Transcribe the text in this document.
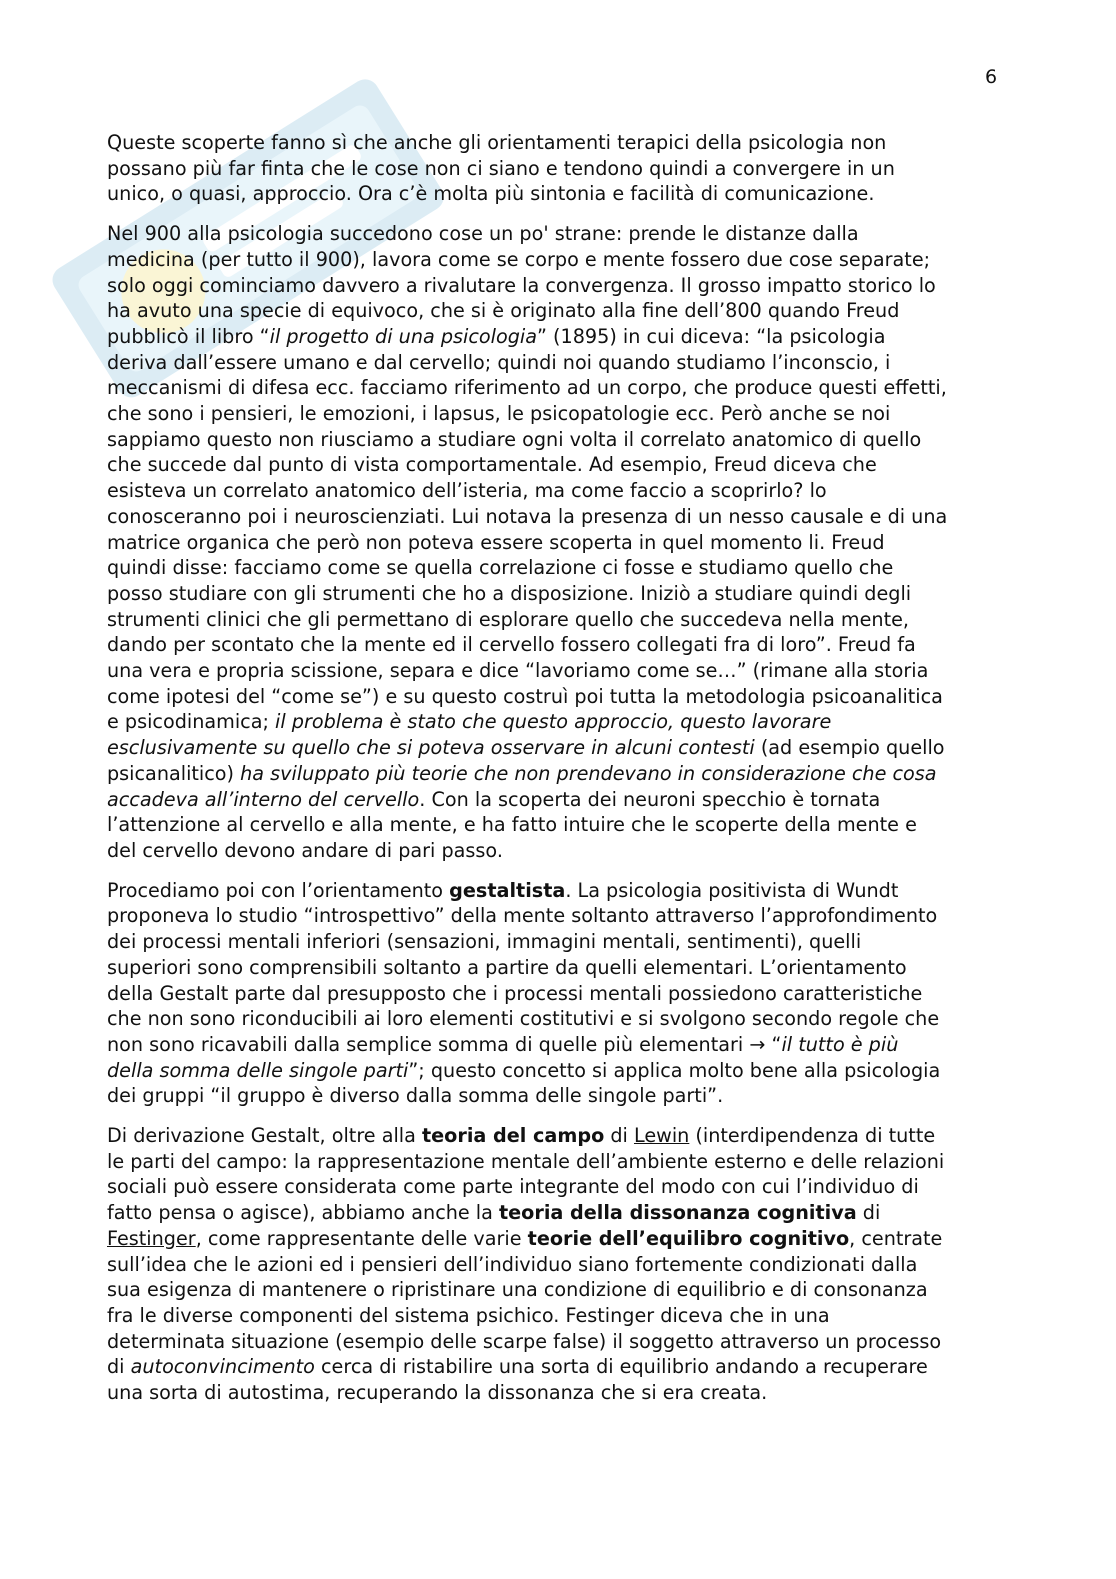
6

Queste scoperte fanno sì che anche gli orientamenti terapici della psicologia non
possano più far finta che le cose non ci siano e tendono quindi a convergere in un
unico, o quasi, approccio. Ora c’è molta più sintonia e facilità di comunicazione.

Nel 900 alla psicologia succedono cose un po' strane: prende le distanze dalla
medicina (per tutto il 900), lavora come se corpo e mente fossero due cose separate;
solo oggi cominciamo davvero a rivalutare la convergenza. Il grosso impatto storico lo
ha avuto una specie di equivoco, che si è originato alla fine dell’800 quando Freud
pubblicò il libro “il progetto di una psicologia” (1895) in cui diceva: “la psicologia
deriva dall’essere umano e dal cervello; quindi noi quando studiamo l’inconscio, i
meccanismi di difesa ecc. facciamo riferimento ad un corpo, che produce questi effetti,
che sono i pensieri, le emozioni, i lapsus, le psicopatologie ecc. Però anche se noi
sappiamo questo non riusciamo a studiare ogni volta il correlato anatomico di quello
che succede dal punto di vista comportamentale. Ad esempio, Freud diceva che
esisteva un correlato anatomico dell’isteria, ma come faccio a scoprirlo? lo
conosceranno poi i neuroscienziati. Lui notava la presenza di un nesso causale e di una
matrice organica che però non poteva essere scoperta in quel momento li. Freud
quindi disse: facciamo come se quella correlazione ci fosse e studiamo quello che
posso studiare con gli strumenti che ho a disposizione. Iniziò a studiare quindi degli
strumenti clinici che gli permettano di esplorare quello che succedeva nella mente,
dando per scontato che la mente ed il cervello fossero collegati fra di loro”. Freud fa
una vera e propria scissione, separa e dice “lavoriamo come se…” (rimane alla storia
come ipotesi del “come se”) e su questo costruì poi tutta la metodologia psicoanalitica
e psicodinamica; il problema è stato che questo approccio, questo lavorare
esclusivamente su quello che si poteva osservare in alcuni contesti (ad esempio quello
psicanalitico) ha sviluppato più teorie che non prendevano in considerazione che cosa
accadeva all’interno del cervello. Con la scoperta dei neuroni specchio è tornata
l’attenzione al cervello e alla mente, e ha fatto intuire che le scoperte della mente e
del cervello devono andare di pari passo.

Procediamo poi con l’orientamento gestaltista. La psicologia positivista di Wundt
proponeva lo studio “introspettivo” della mente soltanto attraverso l’approfondimento
dei processi mentali inferiori (sensazioni, immagini mentali, sentimenti), quelli
superiori sono comprensibili soltanto a partire da quelli elementari. L’orientamento
della Gestalt parte dal presupposto che i processi mentali possiedono caratteristiche
che non sono riconducibili ai loro elementi costitutivi e si svolgono secondo regole che
non sono ricavabili dalla semplice somma di quelle più elementari → “il tutto è più
della somma delle singole parti”; questo concetto si applica molto bene alla psicologia
dei gruppi “il gruppo è diverso dalla somma delle singole parti”.

Di derivazione Gestalt, oltre alla teoria del campo di Lewin (interdipendenza di tutte
le parti del campo: la rappresentazione mentale dell’ambiente esterno e delle relazioni
sociali può essere considerata come parte integrante del modo con cui l’individuo di
fatto pensa o agisce), abbiamo anche la teoria della dissonanza cognitiva di
Festinger, come rappresentante delle varie teorie dell’equilibro cognitivo, centrate
sull’idea che le azioni ed i pensieri dell’individuo siano fortemente condizionati dalla
sua esigenza di mantenere o ripristinare una condizione di equilibrio e di consonanza
fra le diverse componenti del sistema psichico. Festinger diceva che in una
determinata situazione (esempio delle scarpe false) il soggetto attraverso un processo
di autoconvincimento cerca di ristabilire una sorta di equilibrio andando a recuperare
una sorta di autostima, recuperando la dissonanza che si era creata.
